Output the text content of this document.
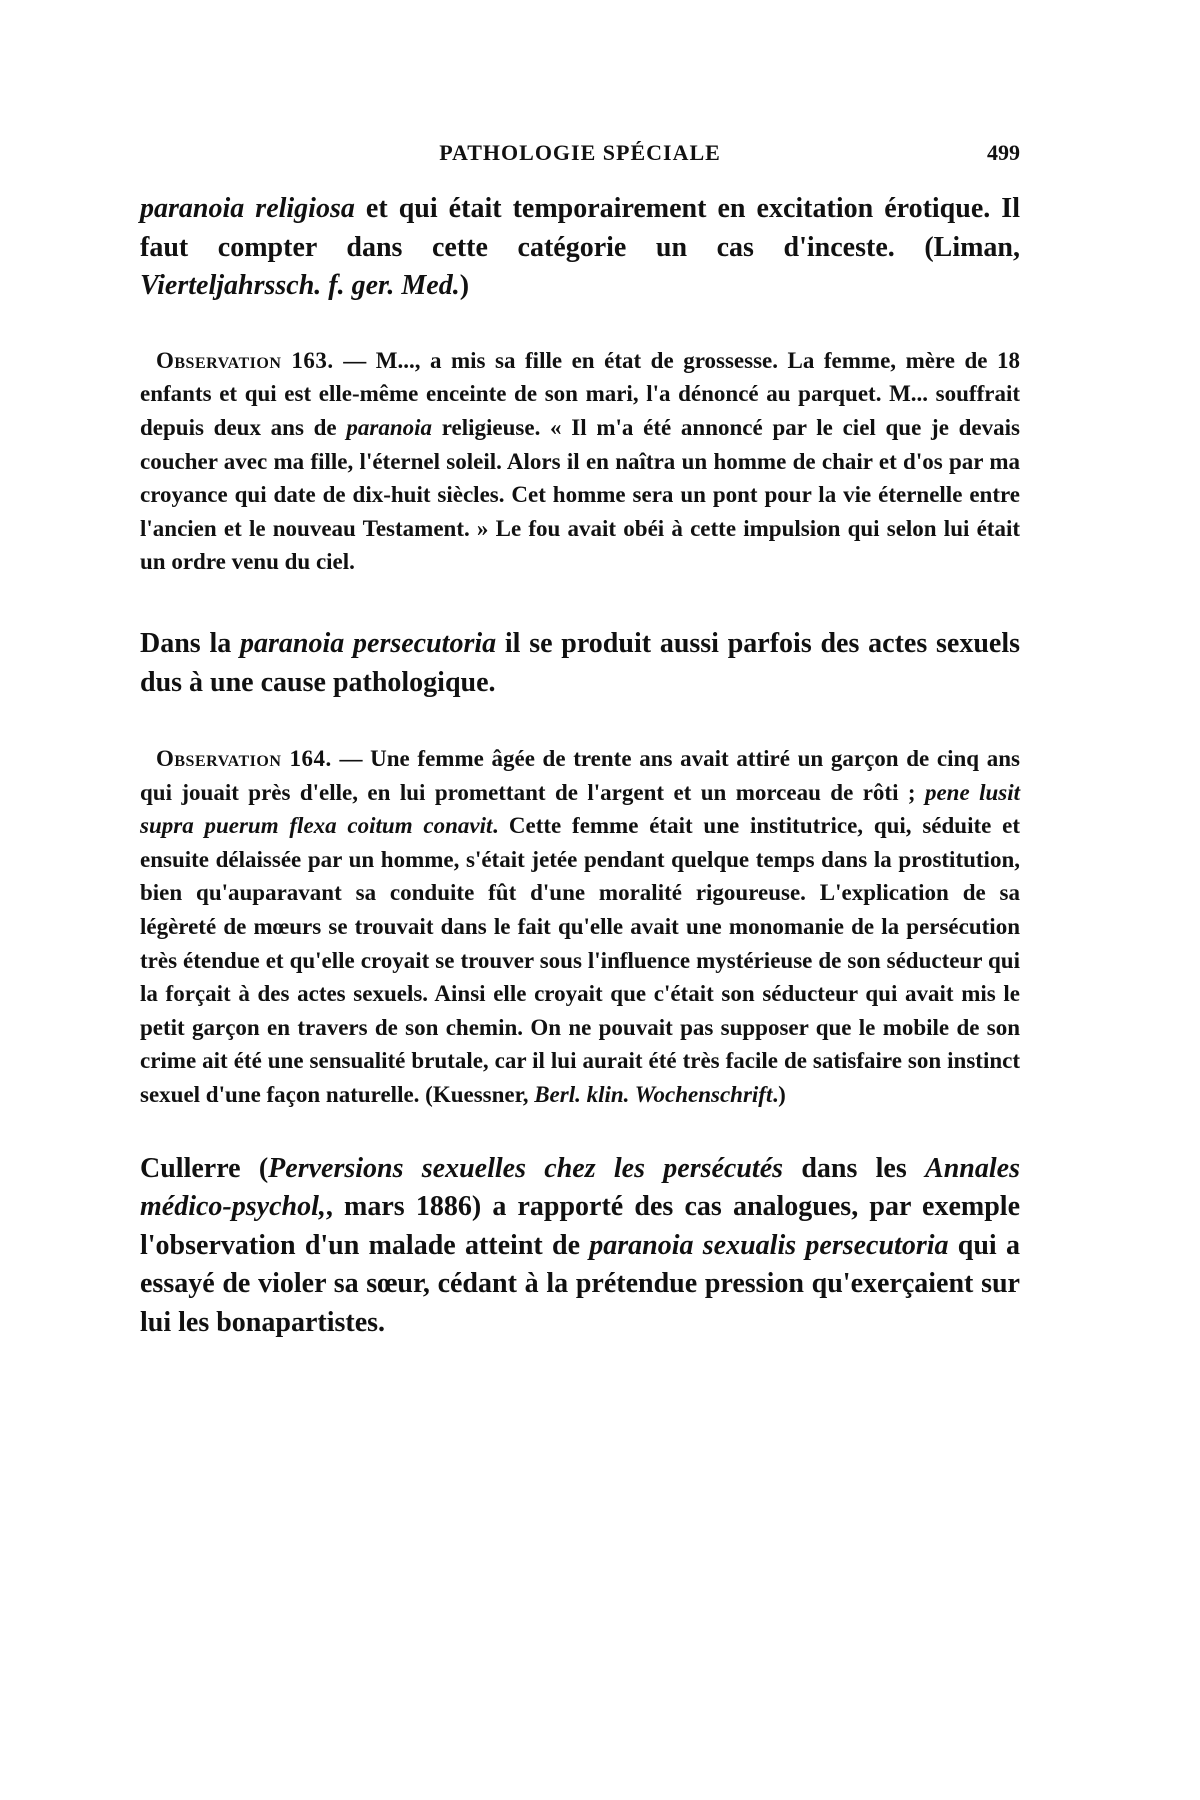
PATHOLOGIE SPÉCIALE	499

paranoia religiosa et qui était temporairement en excitation érotique. Il faut compter dans cette catégorie un cas d'inceste. (Liman, Vierteljahrssch. f. ger. Med.)

Observation 163. — M..., a mis sa fille en état de grossesse. La femme, mère de 18 enfants et qui est elle-même enceinte de son mari, l'a dénoncé au parquet. M... souffrait depuis deux ans de paranoia religieuse. « Il m'a été annoncé par le ciel que je devais coucher avec ma fille, l'éternel soleil. Alors il en naîtra un homme de chair et d'os par ma croyance qui date de dix-huit siècles. Cet homme sera un pont pour la vie éternelle entre l'ancien et le nouveau Testament. » Le fou avait obéi à cette impulsion qui selon lui était un ordre venu du ciel.

Dans la paranoia persecutoria il se produit aussi parfois des actes sexuels dus à une cause pathologique.

Observation 164. — Une femme âgée de trente ans avait attiré un garçon de cinq ans qui jouait près d'elle, en lui promettant de l'argent et un morceau de rôti ; pene lusit supra puerum flexa coitum conavit. Cette femme était une institutrice, qui, séduite et ensuite délaissée par un homme, s'était jetée pendant quelque temps dans la prostitution, bien qu'auparavant sa conduite fût d'une moralité rigoureuse. L'explication de sa légèreté de mœurs se trouvait dans le fait qu'elle avait une monomanie de la persécution très étendue et qu'elle croyait se trouver sous l'influence mystérieuse de son séducteur qui la forçait à des actes sexuels. Ainsi elle croyait que c'était son séducteur qui avait mis le petit garçon en travers de son chemin. On ne pouvait pas supposer que le mobile de son crime ait été une sensualité brutale, car il lui aurait été très facile de satisfaire son instinct sexuel d'une façon naturelle. (Kuessner, Berl. klin. Wochenschrift.)

Cullerre (Perversions sexuelles chez les persécutés dans les Annales médico-psychol,, mars 1886) a rapporté des cas analogues, par exemple l'observation d'un malade atteint de paranoia sexualis persecutoria qui a essayé de violer sa sœur, cédant à la prétendue pression qu'exerçaient sur lui les bonapartistes.
